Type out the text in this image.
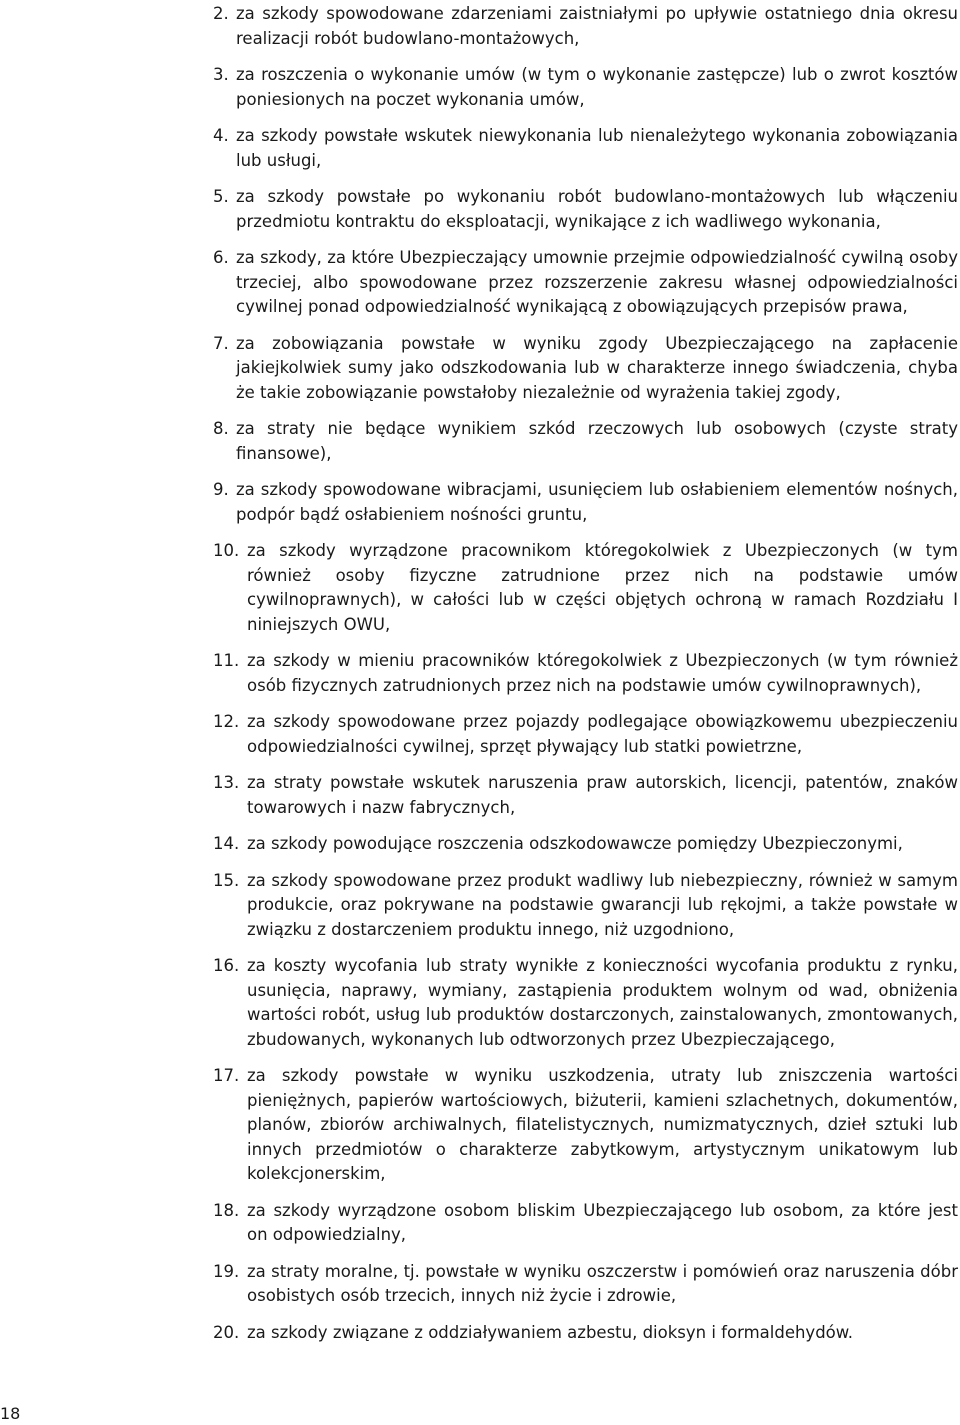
2. za szkody spowodowane zdarzeniami zaistniałymi po upływie ostatniego dnia okresu realizacji robót budowlano-montażowych,
3. za roszczenia o wykonanie umów (w tym o wykonanie zastępcze) lub o zwrot kosztów poniesionych na poczet wykonania umów,
4. za szkody powstałe wskutek niewykonania lub nienależytego wykonania zobowiązania lub usługi,
5. za szkody powstałe po wykonaniu robót budowlano-montażowych lub włączeniu przedmiotu kontraktu do eksploatacji, wynikające z ich wadliwego wykonania,
6. za szkody, za które Ubezpieczający umownie przejmie odpowiedzialność cywilną osoby trzeciej, albo spowodowane przez rozszerzenie zakresu własnej odpowiedzialności cywilnej ponad odpowiedzialność wynikającą z obowiązujących przepisów prawa,
7. za zobowiązania powstałe w wyniku zgody Ubezpieczającego na zapłacenie jakiejkolwiek sumy jako odszkodowania lub w charakterze innego świadczenia, chyba że takie zobowiązanie powstałoby niezależnie od wyrażenia takiej zgody,
8. za straty nie będące wynikiem szkód rzeczowych lub osobowych (czyste straty finansowe),
9. za szkody spowodowane wibracjami, usunięciem lub osłabieniem elementów nośnych, podpór bądź osłabieniem nośności gruntu,
10. za szkody wyrządzone pracownikom któregokolwiek z Ubezpieczonych (w tym również osoby fizyczne zatrudnione przez nich na podstawie umów cywilnoprawnych), w całości lub w części objętych ochroną w ramach Rozdziału I niniejszych OWU,
11. za szkody w mieniu pracowników któregokolwiek z Ubezpieczonych (w tym również osób fizycznych zatrudnionych przez nich na podstawie umów cywilnoprawnych),
12. za szkody spowodowane przez pojazdy podlegające obowiązkowemu ubezpieczeniu odpowiedzialności cywilnej, sprzęt pływający lub statki powietrzne,
13. za straty powstałe wskutek naruszenia praw autorskich, licencji, patentów, znaków towarowych i nazw fabrycznych,
14. za szkody powodujące roszczenia odszkodowawcze pomiędzy Ubezpieczonymi,
15. za szkody spowodowane przez produkt wadliwy lub niebezpieczny, również w samym produkcie, oraz pokrywane na podstawie gwarancji lub rękojmi, a także powstałe w związku z dostarczeniem produktu innego, niż uzgodniono,
16. za koszty wycofania lub straty wynikłe z konieczności wycofania produktu z rynku, usunięcia, naprawy, wymiany, zastąpienia produktem wolnym od wad, obniżenia wartości robót, usług lub produktów dostarczonych, zainstalowanych, zmontowanych, zbudowanych, wykonanych lub odtworzonych przez Ubezpieczającego,
17. za szkody powstałe w wyniku uszkodzenia, utraty lub zniszczenia wartości pieniężnych, papierów wartościowych, biżuterii, kamieni szlachetnych, dokumentów, planów, zbiorów archiwalnych, filatelistycznych, numizmatycznych, dzieł sztuki lub innych przedmiotów o charakterze zabytkowym, artystycznym unikatowym lub kolekcjonerskim,
18. za szkody wyrządzone osobom bliskim Ubezpieczającego lub osobom, za które jest on odpowiedzialny,
19. za straty moralne, tj. powstałe w wyniku oszczerstw i pomówień oraz naruszenia dóbr osobistych osób trzecich, innych niż życie i zdrowie,
20. za szkody związane z oddziaływaniem azbestu, dioksyn i formaldehydów.
18
